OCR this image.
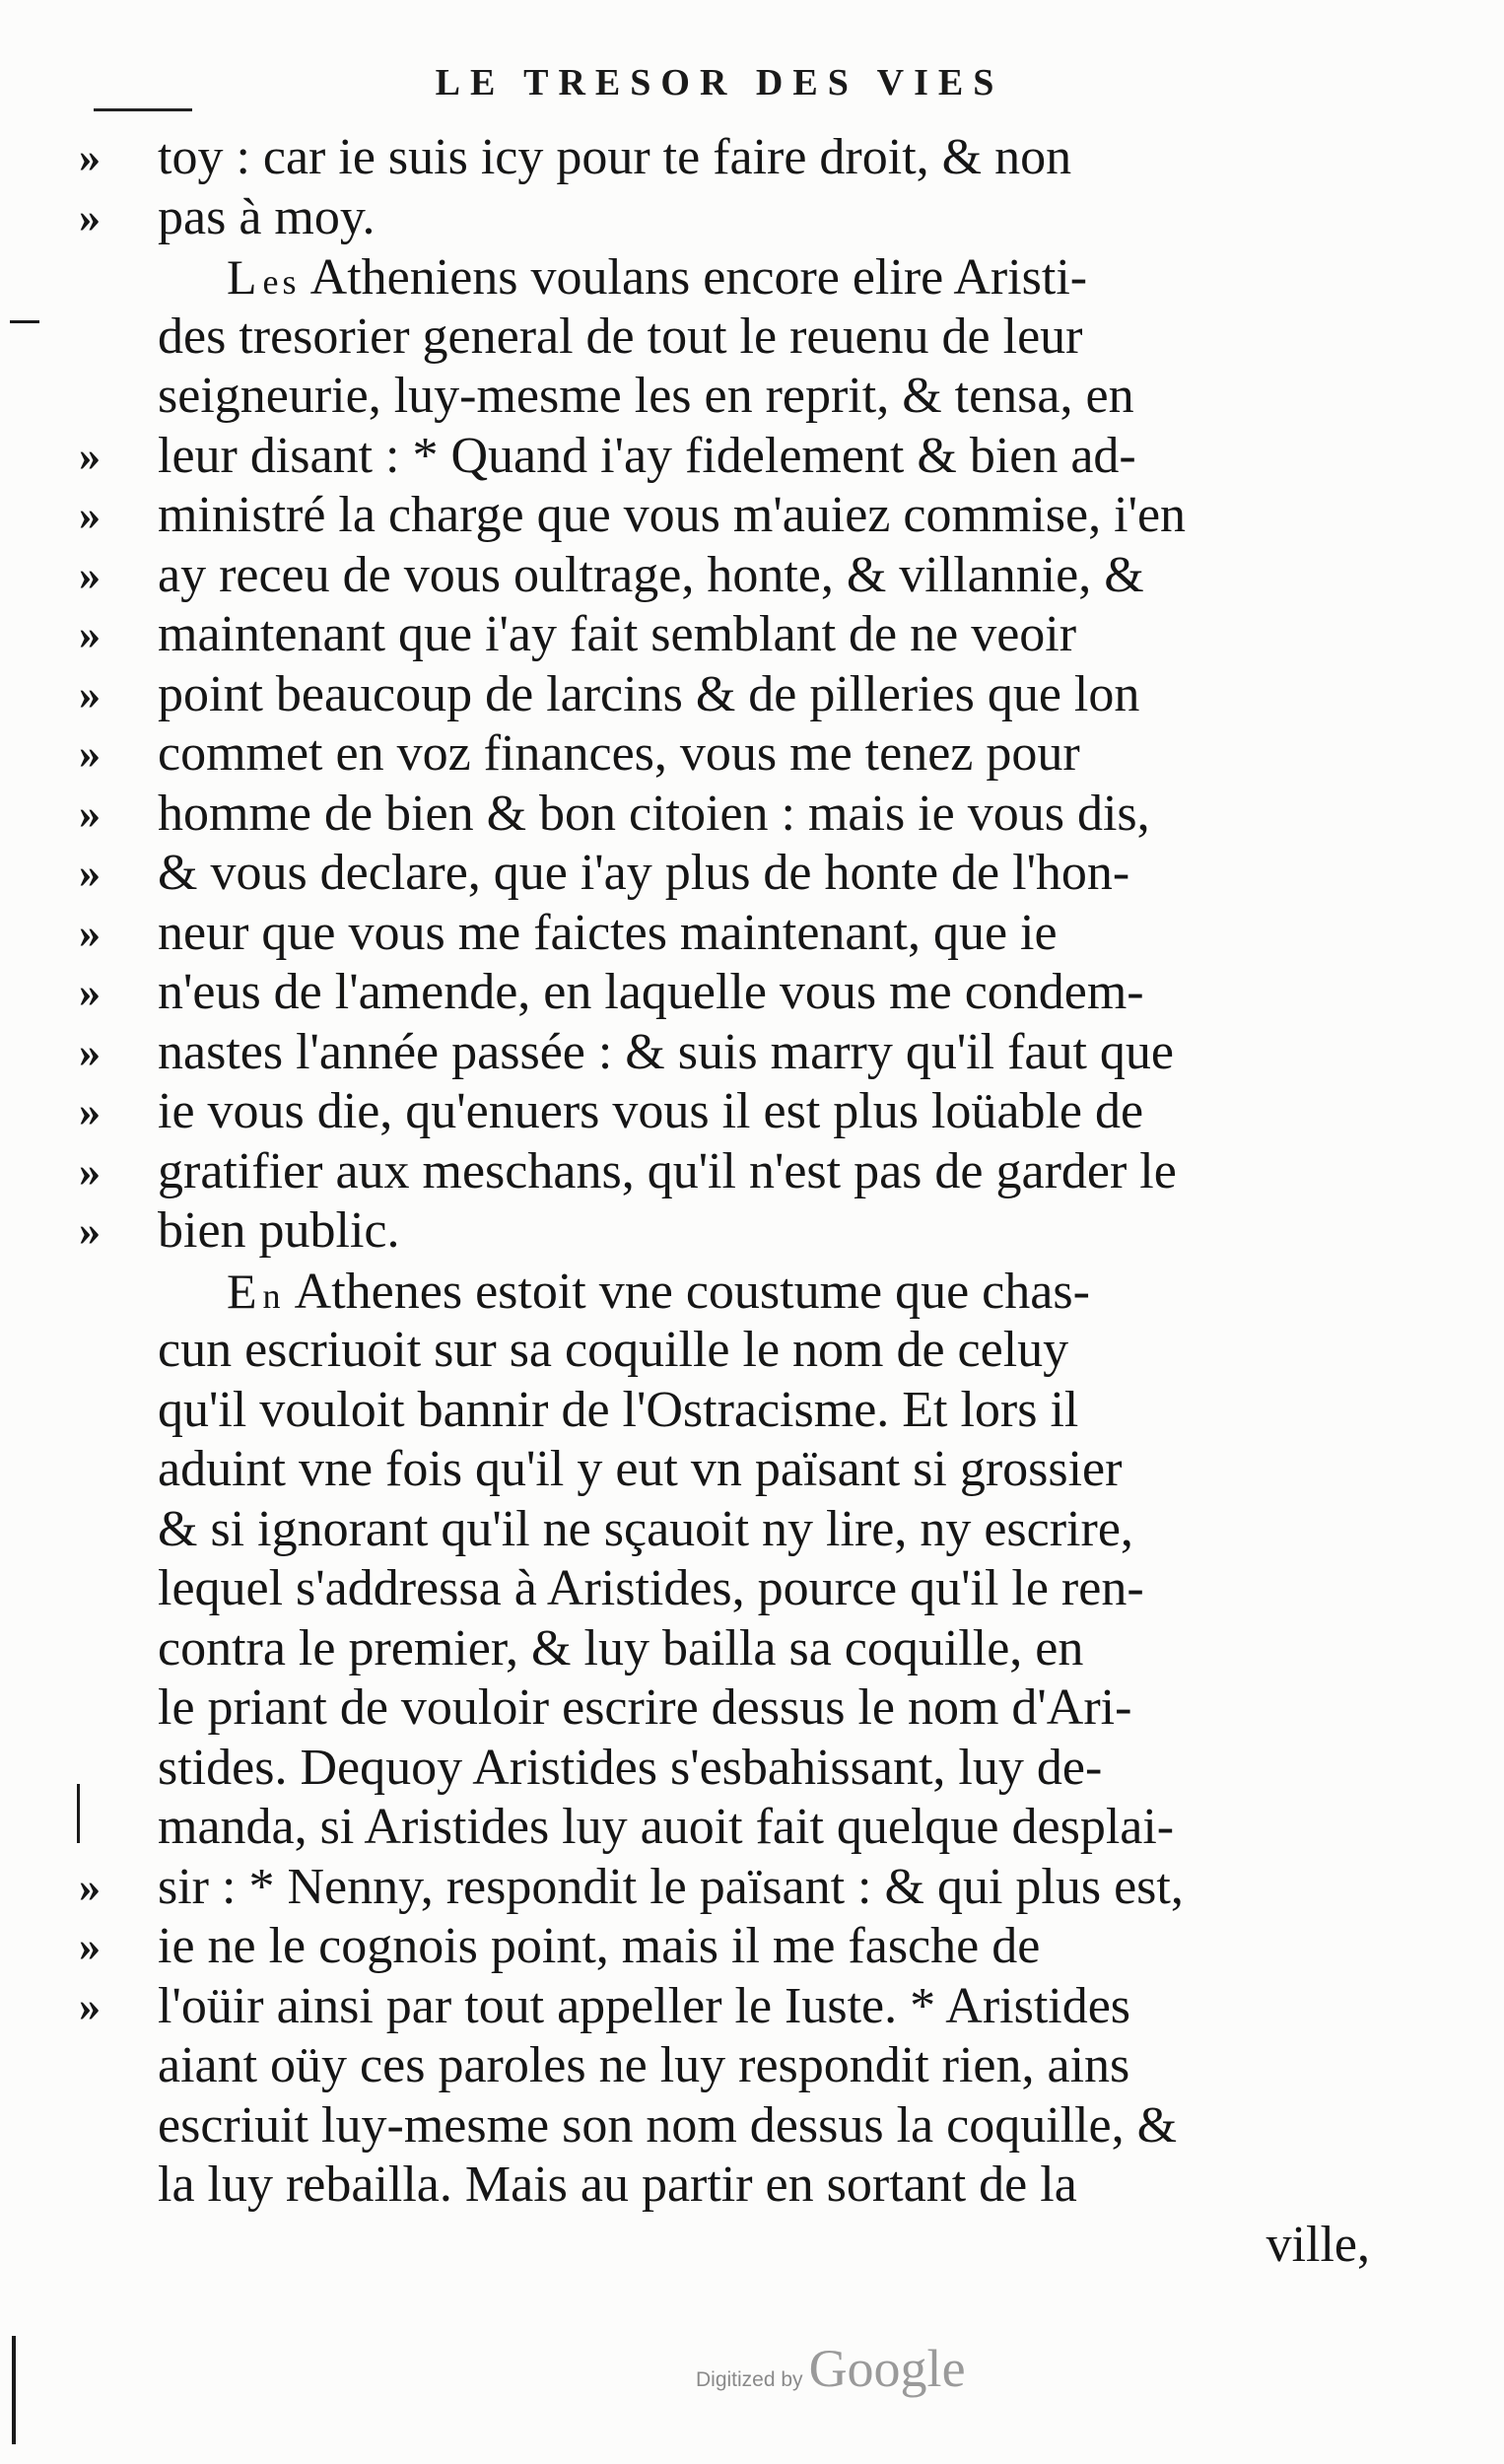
LE TRESOR DES VIES
»	toy : car ie suis icy pour te faire droit, & non
»	pas à moy.
Les Atheniens voulans encore elire Aristi-
des tresorier general de tout le reuenu de leur
seigneurie, luy-mesme les en reprit, & tensa, en
»	leur disant : * Quand i'ay fidelement & bien ad-
»	ministré la charge que vous m'auiez commise, i'en
»	ay receu de vous oultrage, honte, & villannie, &
»	maintenant que i'ay fait semblant de ne veoir
»	point beaucoup de larcins & de pilleries que lon
»	commet en voz finances, vous me tenez pour
»	homme de bien & bon citoien : mais ie vous dis,
»	& vous declare, que i'ay plus de honte de l'hon-
»	neur que vous me faictes maintenant, que ie
»	n'eus de l'amende, en laquelle vous me condem-
»	nastes l'année passée : & suis marry qu'il faut que
»	ie vous die, qu'enuers vous il est plus loüable de
»	gratifier aux meschans, qu'il n'est pas de garder le
»	bien public.
En Athenes estoit vne coustume que chas-
cun escriuoit sur sa coquille le nom de celuy
qu'il vouloit bannir de l'Ostracisme. Et lors il
aduint vne fois qu'il y eut vn païsant si grossier
& si ignorant qu'il ne sçauoit ny lire, ny escrire,
lequel s'addressa à Aristides, pource qu'il le ren-
contra le premier, & luy bailla sa coquille, en
le priant de vouloir escrire dessus le nom d'Ari-
stides. Dequoy Aristides s'esbahissant, luy de-
manda, si Aristides luy auoit fait quelque desplai-
»	sir : * Nenny, respondit le païsant : & qui plus est,
»	ie ne le cognois point, mais il me fasche de
»	l'oüir ainsi par tout appeller le Iuste. * Aristides
aiant oüy ces paroles ne luy respondit rien, ains
escriuit luy-mesme son nom dessus la coquille, &
la luy rebailla. Mais au partir en sortant de la
ville,
Digitized by Google
